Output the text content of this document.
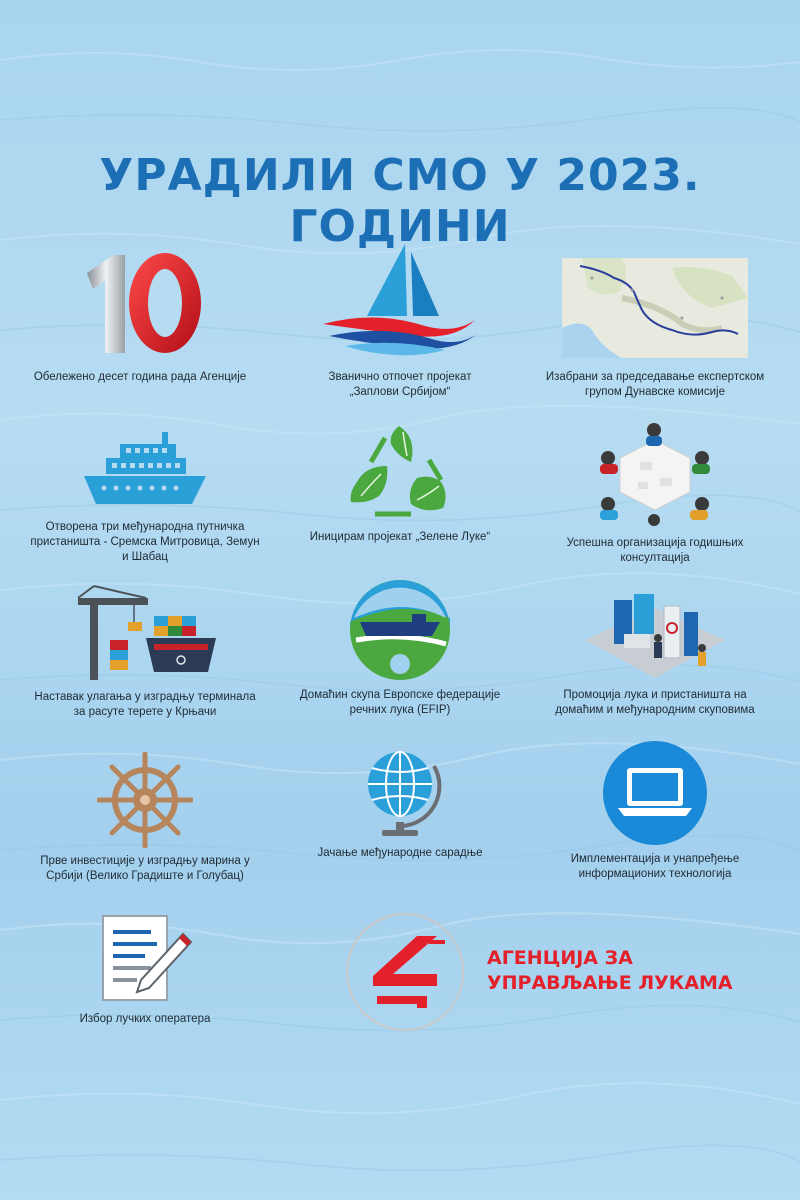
УРАДИЛИ СМО У 2023. ГОДИНИ
Обележено десет година рада Агенције	Званично отпочет пројекат
„Заплови Србијом“
Изабрани за председавање експертском
групом Дунавске комисије
Отворена три међународна путничка
пристаништа - Сремска Митровица, Земун
и Шабац
Иницирам пројекат „Зелене Луке“	Успешна организација годишњих
консултација
Наставак улагања у изградњу терминала
за расуте терете у Крњачи
Домаћин скупа Европске федерације
речних лука (EFIP)
Промоција лука и пристаништа на
домаћим и међународним скуповима
Прве инвестиције у изградњу марина у
Србији (Велико Градиште и Голубац)
Јачање међународне сарадње	Имплементација и унапређење
информационих технологија
Избор лучких оператера
АГЕНЦИЈА ЗА
УПРАВЉАЊЕ ЛУКАМА
